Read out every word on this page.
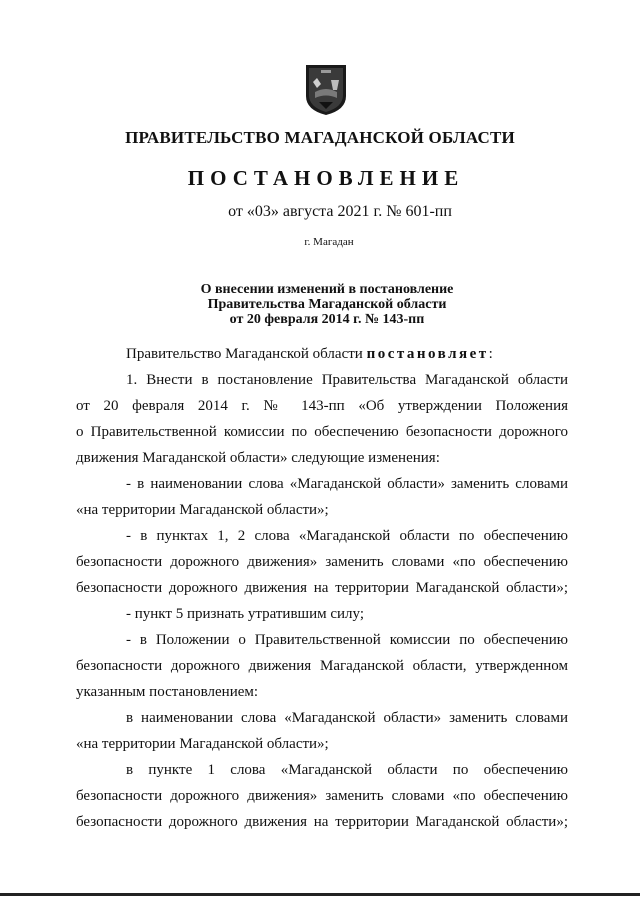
ПРАВИТЕЛЬСТВО МАГАДАНСКОЙ ОБЛАСТИ
ПОСТАНОВЛЕНИЕ
от «03» августа 2021 г. № 601-пп
г. Магадан
О внесении изменений в постановление
Правительства Магаданской области
от 20 февраля 2014 г. № 143-пп
Правительство Магаданской области постановляет:
1. Внести в постановление Правительства Магаданской области
от 20 февраля 2014 г. № 143-пп «Об утверждении Положения
о Правительственной комиссии по обеспечению безопасности дорожного
движения Магаданской области» следующие изменения:
- в наименовании слова «Магаданской области» заменить словами
«на территории Магаданской области»;
- в пунктах 1, 2 слова «Магаданской области по обеспечению
безопасности дорожного движения» заменить словами «по обеспечению
безопасности дорожного движения на территории Магаданской области»;
- пункт 5 признать утратившим силу;
- в Положении о Правительственной комиссии по обеспечению
безопасности дорожного движения Магаданской области, утвержденном
указанным постановлением:
в наименовании слова «Магаданской области» заменить словами
«на территории Магаданской области»;
в пункте 1 слова «Магаданской области по обеспечению
безопасности дорожного движения» заменить словами «по обеспечению
безопасности дорожного движения на территории Магаданской области»;
